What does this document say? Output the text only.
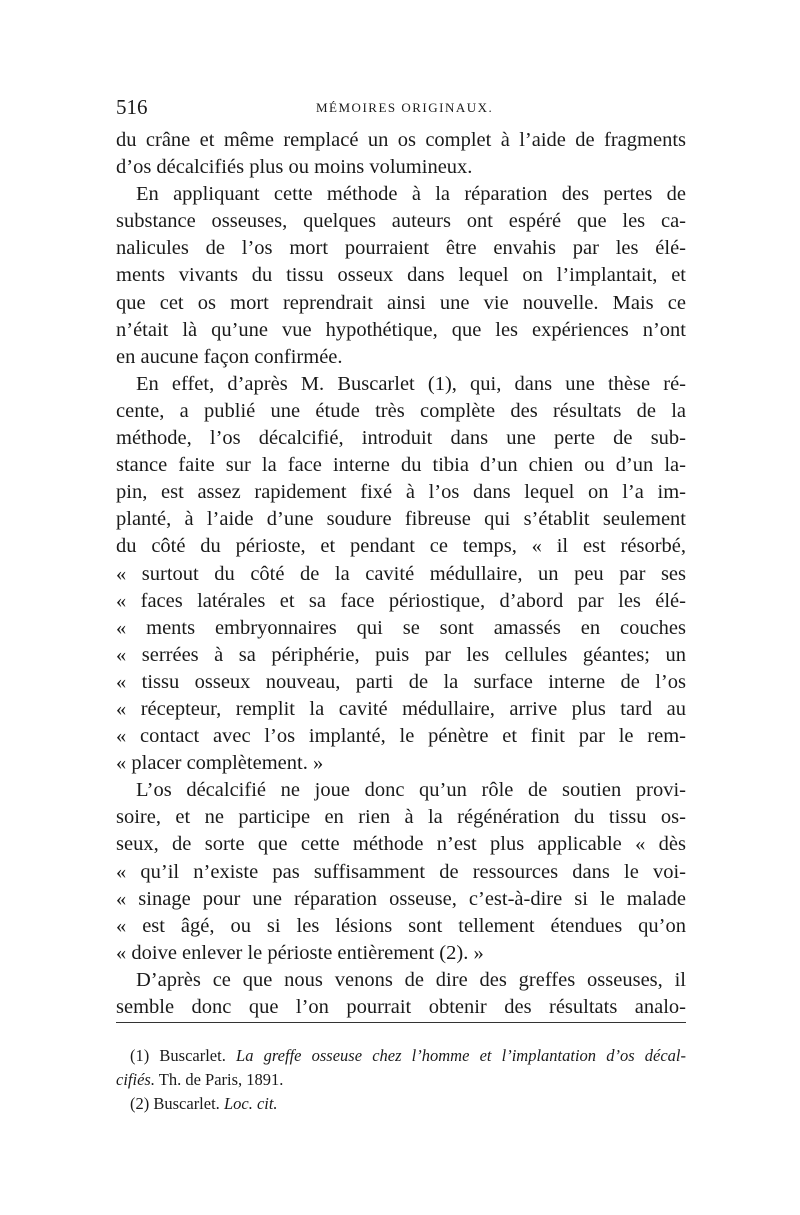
516	MÉMOIRES ORIGINAUX.
du crâne et même remplacé un os complet à l’aide de fragments
d’os décalcifiés plus ou moins volumineux.
En appliquant cette méthode à la réparation des pertes de
substance osseuses, quelques auteurs ont espéré que les ca-
nalicules de l’os mort pourraient être envahis par les élé-
ments vivants du tissu osseux dans lequel on l’implantait, et
que cet os mort reprendrait ainsi une vie nouvelle. Mais ce
n’était là qu’une vue hypothétique, que les expériences n’ont
en aucune façon confirmée.
En effet, d’après M. Buscarlet (1), qui, dans une thèse ré-
cente, a publié une étude très complète des résultats de la
méthode, l’os décalcifié, introduit dans une perte de sub-
stance faite sur la face interne du tibia d’un chien ou d’un la-
pin, est assez rapidement fixé à l’os dans lequel on l’a im-
planté, à l’aide d’une soudure fibreuse qui s’établit seulement
du côté du périoste, et pendant ce temps, « il est résorbé,
« surtout du côté de la cavité médullaire, un peu par ses
« faces latérales et sa face périostique, d’abord par les élé-
« ments embryonnaires qui se sont amassés en couches
« serrées à sa périphérie, puis par les cellules géantes; un
« tissu osseux nouveau, parti de la surface interne de l’os
« récepteur, remplit la cavité médullaire, arrive plus tard au
« contact avec l’os implanté, le pénètre et finit par le rem-
« placer complètement. »
L’os décalcifié ne joue donc qu’un rôle de soutien provi-
soire, et ne participe en rien à la régénération du tissu os-
seux, de sorte que cette méthode n’est plus applicable « dès
« qu’il n’existe pas suffisamment de ressources dans le voi-
« sinage pour une réparation osseuse, c’est-à-dire si le malade
« est âgé, ou si les lésions sont tellement étendues qu’on
« doive enlever le périoste entièrement (2). »
D’après ce que nous venons de dire des greffes osseuses, il
semble donc que l’on pourrait obtenir des résultats analo-
(1) Buscarlet. La greffe osseuse chez l’homme et l’implantation d’os décal-
cifiés. Th. de Paris, 1891.
(2) Buscarlet. Loc. cit.
